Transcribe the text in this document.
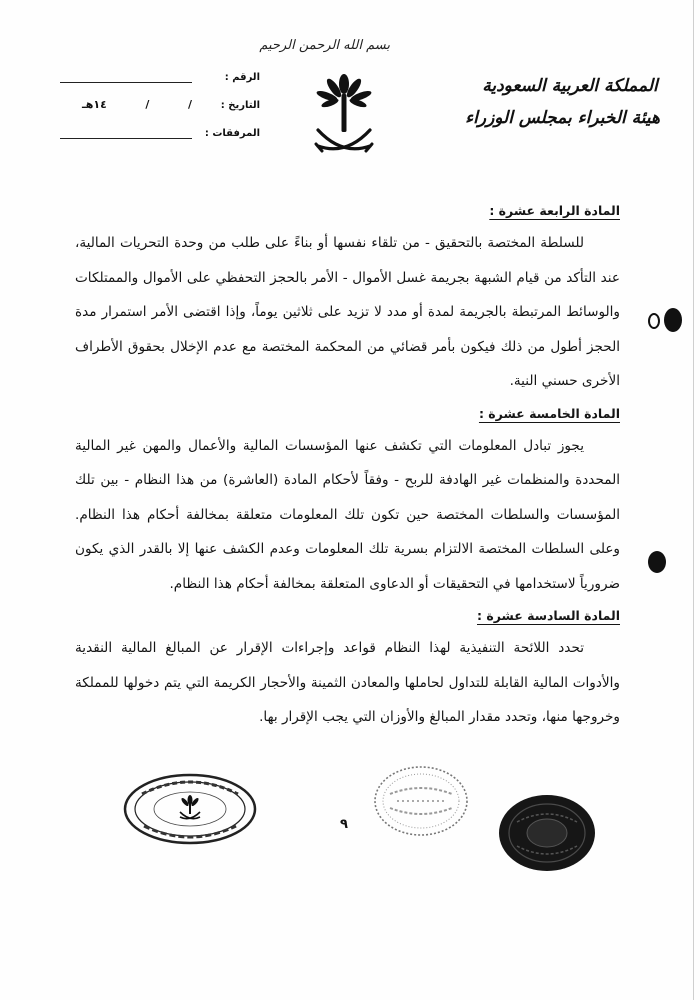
بسم الله الرحمن الرحيم
المملكة العربية السعودية
هيئة الخبراء بمجلس الوزراء
الرقم :
التاريخ :
/
/
١٤هـ
المرفقات :

المادة الرابعة عشرة :

للسلطة المختصة بالتحقيق - من تلقاء نفسها أو بناءً على طلب من وحدة التحريات المالية، عند التأكد من قيام الشبهة بجريمة غسل الأموال - الأمر بالحجز التحفظي على الأموال والممتلكات والوسائط المرتبطة بالجريمة لمدة أو مدد لا تزيد على ثلاثين يوماً، وإذا اقتضى الأمر استمرار مدة الحجز أطول من ذلك فيكون بأمر قضائي من المحكمة المختصة مع عدم الإخلال بحقوق الأطراف الأخرى حسني النية.

المادة الخامسة عشرة :

يجوز تبادل المعلومات التي تكشف عنها المؤسسات المالية والأعمال والمهن غير المالية المحددة والمنظمات غير الهادفة للربح - وفقاً لأحكام المادة (العاشرة) من هذا النظام - بين تلك المؤسسات والسلطات المختصة حين تكون تلك المعلومات متعلقة بمخالفة أحكام هذا النظام. وعلى السلطات المختصة الالتزام بسرية تلك المعلومات وعدم الكشف عنها إلا بالقدر الذي يكون ضرورياً لاستخدامها في التحقيقات أو الدعاوى المتعلقة بمخالفة أحكام هذا النظام.

المادة السادسة عشرة :

تحدد اللائحة التنفيذية لهذا النظام قواعد وإجراءات الإقرار عن المبالغ المالية النقدية والأدوات المالية القابلة للتداول لحاملها والمعادن الثمينة والأحجار الكريمة التي يتم دخولها للمملكة وخروجها منها، وتحدد مقدار المبالغ والأوزان التي يجب الإقرار بها.

٩
